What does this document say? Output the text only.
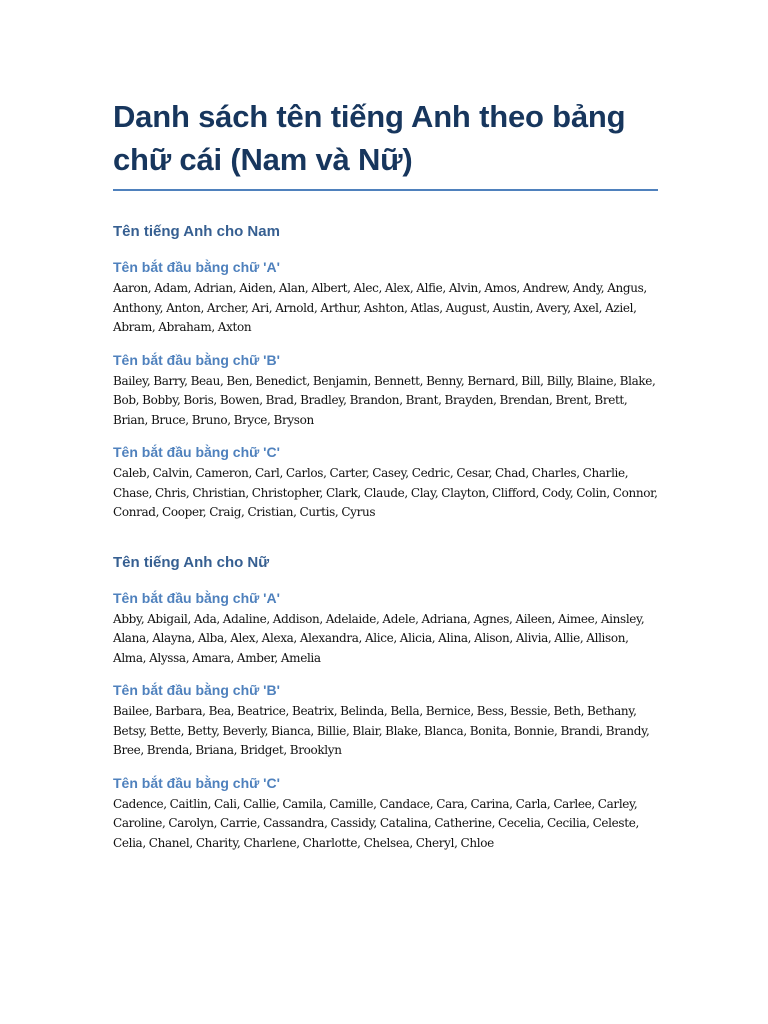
Danh sách tên tiếng Anh theo bảng chữ cái (Nam và Nữ)
Tên tiếng Anh cho Nam
Tên bắt đầu bằng chữ 'A'

Aaron, Adam, Adrian, Aiden, Alan, Albert, Alec, Alex, Alfie, Alvin, Amos, Andrew, Andy, Angus, Anthony, Anton, Archer, Ari, Arnold, Arthur, Ashton, Atlas, August, Austin, Avery, Axel, Aziel, Abram, Abraham, Axton

Tên bắt đầu bằng chữ 'B'

Bailey, Barry, Beau, Ben, Benedict, Benjamin, Bennett, Benny, Bernard, Bill, Billy, Blaine, Blake, Bob, Bobby, Boris, Bowen, Brad, Bradley, Brandon, Brant, Brayden, Brendan, Brent, Brett, Brian, Bruce, Bruno, Bryce, Bryson

Tên bắt đầu bằng chữ 'C'

Caleb, Calvin, Cameron, Carl, Carlos, Carter, Casey, Cedric, Cesar, Chad, Charles, Charlie, Chase, Chris, Christian, Christopher, Clark, Claude, Clay, Clayton, Clifford, Cody, Colin, Connor, Conrad, Cooper, Craig, Cristian, Curtis, Cyrus

Tên tiếng Anh cho Nữ
Tên bắt đầu bằng chữ 'A'

Abby, Abigail, Ada, Adaline, Addison, Adelaide, Adele, Adriana, Agnes, Aileen, Aimee, Ainsley, Alana, Alayna, Alba, Alex, Alexa, Alexandra, Alice, Alicia, Alina, Alison, Alivia, Allie, Allison, Alma, Alyssa, Amara, Amber, Amelia

Tên bắt đầu bằng chữ 'B'

Bailee, Barbara, Bea, Beatrice, Beatrix, Belinda, Bella, Bernice, Bess, Bessie, Beth, Bethany, Betsy, Bette, Betty, Beverly, Bianca, Billie, Blair, Blake, Blanca, Bonita, Bonnie, Brandi, Brandy, Bree, Brenda, Briana, Bridget, Brooklyn

Tên bắt đầu bằng chữ 'C'

Cadence, Caitlin, Cali, Callie, Camila, Camille, Candace, Cara, Carina, Carla, Carlee, Carley, Caroline, Carolyn, Carrie, Cassandra, Cassidy, Catalina, Catherine, Cecelia, Cecilia, Celeste, Celia, Chanel, Charity, Charlene, Charlotte, Chelsea, Cheryl, Chloe
